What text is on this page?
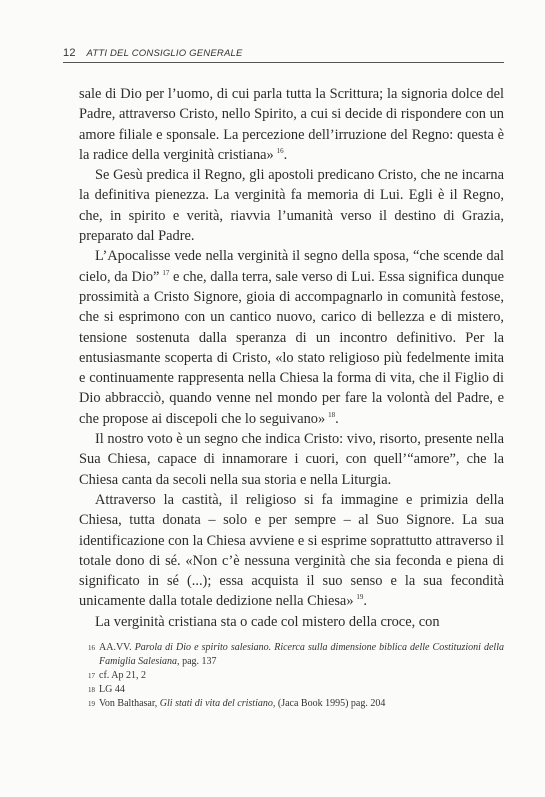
12 ATTI DEL CONSIGLIO GENERALE

sale di Dio per l’uomo, di cui parla tutta la Scrittura; la signoria dolce del Padre, attraverso Cristo, nello Spirito, a cui si decide di rispondere con un amore filiale e sponsale. La percezione dell’irruzione del Regno: questa è la radice della verginità cristiana»  $^{16}$.

Se Gesù predica il Regno, gli apostoli predicano Cristo, che ne incarna la definitiva pienezza. La verginità fa memoria di Lui. Egli è il Regno, che, in spirito e verità, riavvia l’umanità verso il destino di Grazia, preparato dal Padre.

L’Apocalisse vede nella verginità il segno della sposa, “che scende dal cielo, da Dio”  $^{17}$ e che, dalla terra, sale verso di Lui. Essa significa dunque prossimità a Cristo Signore, gioia di accompagnarlo in comunità festose, che si esprimono con un cantico nuovo, carico di bellezza e di mistero, tensione sostenuta dalla speranza di un incontro definitivo. Per la entusiasmante scoperta di Cristo, «lo stato religioso più fedelmente imita e continuamente rappresenta nella Chiesa la forma di vita, che il Figlio di Dio abbracciò, quando venne nel mondo per fare la volontà del Padre, e che propose ai discepoli che lo seguivano»  $^{18}$.

Il nostro voto è un segno che indica Cristo: vivo, risorto, presente nella Sua Chiesa, capace di innamorare i cuori, con quell’“amore”, che la Chiesa canta da secoli nella sua storia e nella Liturgia.

Attraverso la castità, il religioso si fa immagine e primizia della Chiesa, tutta donata – solo e per sempre – al Suo Signore. La sua identificazione con la Chiesa avviene e si esprime soprattutto attraverso il totale dono di sé. «Non c’è nessuna verginità che sia feconda e piena di significato in sé (...); essa acquista il suo senso e la sua fecondità unicamente dalla totale dedizione nella Chiesa»  $^{19}$.

La verginità cristiana sta o cade col mistero della croce, con

16 AA.VV. Parola di Dio e spirito salesiano. Ricerca sulla dimensione biblica delle Costituzioni della Famiglia Salesiana, pag. 137
17 cf. Ap 21, 2
18 LG 44
19 Von Balthasar, Gli stati di vita del cristiano, (Jaca Book 1995) pag. 204
